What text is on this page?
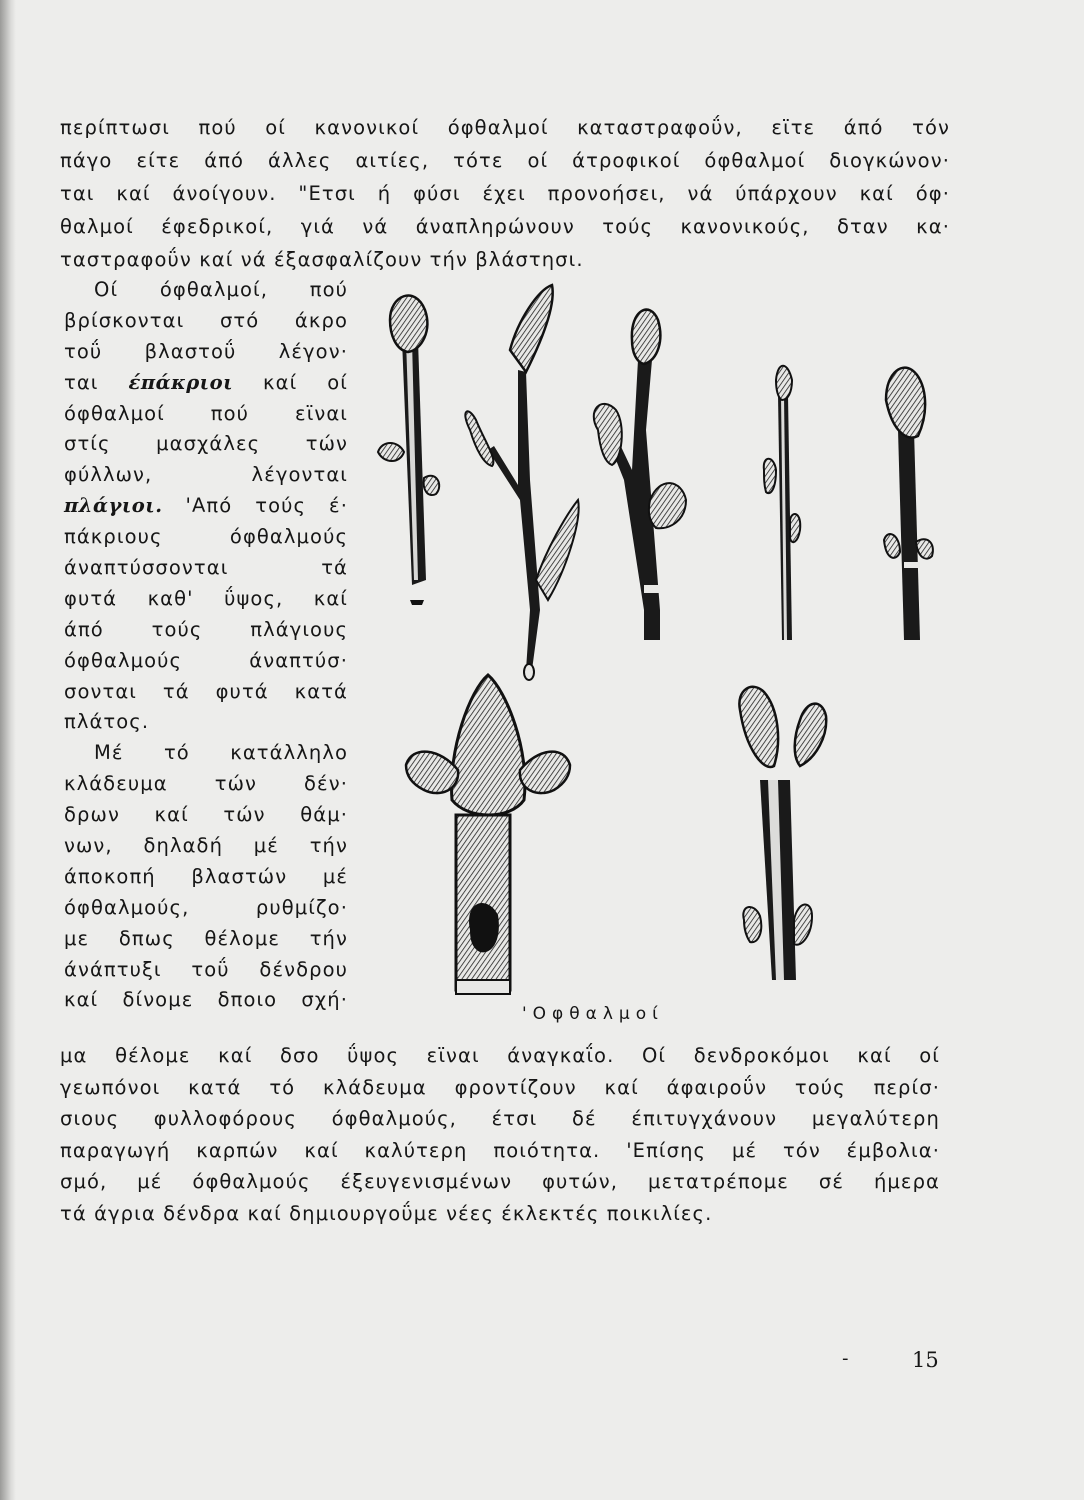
περίπτωσι πού οί κανονικοί όφθαλμοί καταστραφοΰν, εϊτε άπό τόν
πάγο είτε άπό άλλες αιτίες, τότε οί άτροφικοί όφθαλμοί διογκώνον·
ται καί άνοίγουν. "Ετσι ή φύσι έχει προνοήσει, νά ύπάρχουν καί όφ·
θαλμοί έφεδρικοί, γιά νά άναπληρώνουν τούς κανονικούς, δταν κα·
ταστραφοΰν καί νά έξασφαλίζουν τήν βλάστησι.
Οί όφθαλμοί, πού
βρίσκονται στό άκρο
τοΰ βλαστοΰ λέγον·
ται έπάκριοι καί οί
όφθαλμοί πού εϊναι
στίς μασχάλες τών
φύλλων, λέγονται
πλάγιοι. 'Από τούς έ·
πάκριους όφθαλμούς
άναπτύσσονται τά
φυτά καθ' ΰψος, καί
άπό τούς πλάγιους
όφθαλμούς άναπτύσ·
σονται τά φυτά κατά
πλάτος.
Μέ τό κατάλληλο
κλάδευμα τών δέν·
δρων καί τών θάμ·
νων, δηλαδή μέ τήν
άποκοπή βλαστών μέ
όφθαλμούς, ρυθμίζο·
με δπως θέλομε τήν
άνάπτυξι τοΰ δένδρου
καί δίνομε δποιο σχή·
'Οφθαλμοί
μα θέλομε καί δσο ΰψος εϊναι άναγκαΐο. Οί δενδροκόμοι καί οί
γεωπόνοι κατά τό κλάδευμα φροντίζουν καί άφαιροΰν τούς περίσ·
σιους φυλλοφόρους όφθαλμούς, έτσι δέ έπιτυγχάνουν μεγαλύτερη
παραγωγή καρπών καί καλύτερη ποιότητα. 'Επίσης μέ τόν έμβολια·
σμό, μέ όφθαλμούς έξευγενισμένων φυτών, μετατρέπομε σέ ήμερα
τά άγρια δένδρα καί δημιουργοΰμε νέες έκλεκτές ποικιλίες.
-	15
